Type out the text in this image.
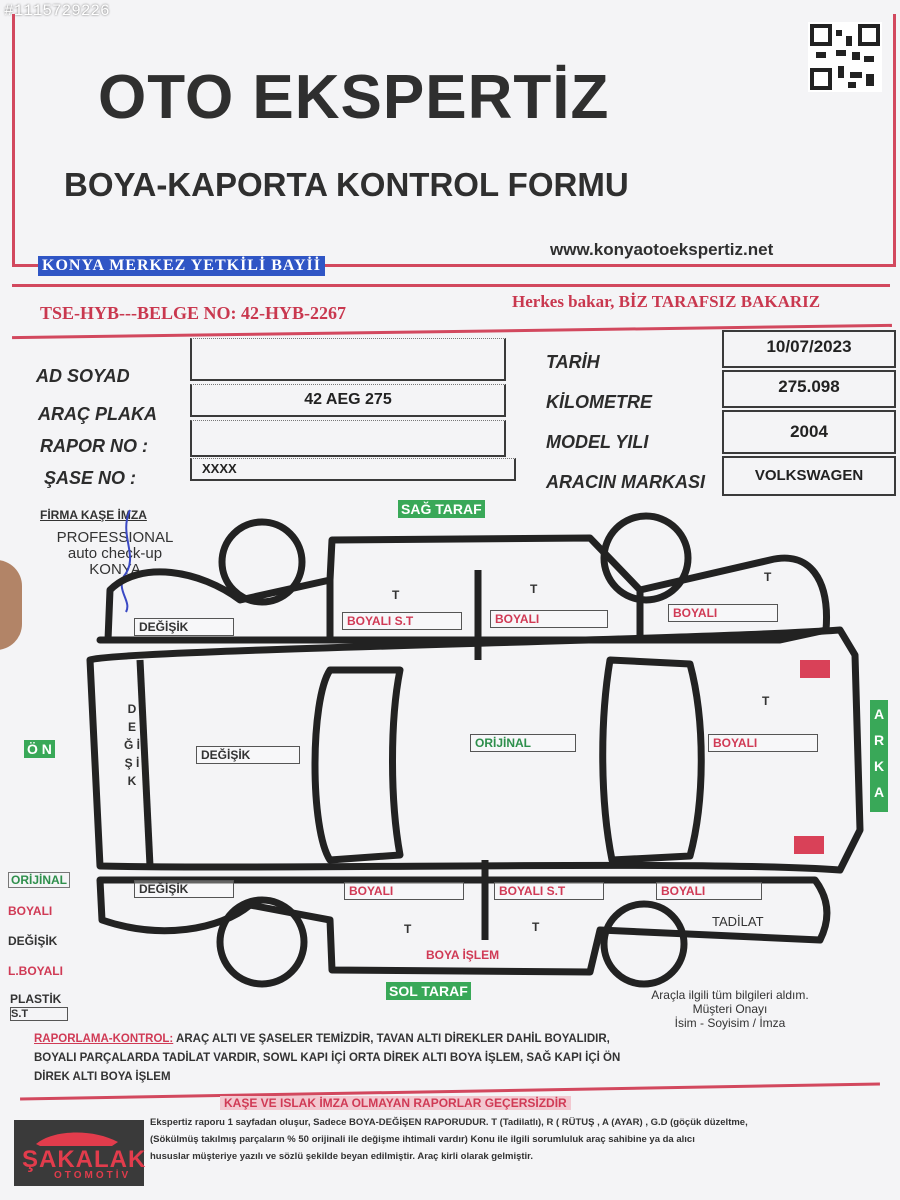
#1115729226
OTO EKSPERTİZ
BOYA-KAPORTA KONTROL FORMU
KONYA MERKEZ YETKİLİ BAYİİ
www.konyaotoekspertiz.net
TSE-HYB---BELGE NO: 42-HYB-2267
Herkes bakar, BİZ TARAFSIZ BAKARIZ
AD SOYAD
ARAÇ PLAKA
42 AEG 275
RAPOR NO :
ŞASE NO :	XXXX
TARİH
10/07/2023
KİLOMETRE
275.098
MODEL YILI
2004
ARACIN MARKASI	VOLKSWAGEN
FİRMA KAŞE İMZA
PROFESSIONAL
auto check-up
KONYA
SAĞ TARAF
SOL TARAF
Ö N
A R K A
DEĞİŞİK	BOYALI S.T	BOYALI	BOYALI
D E Ğ İ Ş İ K
DEĞİŞİK
ORİJİNAL	BOYALI
DEĞİŞİK	BOYALI	BOYALI S.T	BOYALI
TADİLAT
BOYA İŞLEM
T	T
T
T
T	T
ORİJİNAL
BOYALI
DEĞİŞİK
L.BOYALI
PLASTİK
S.T
Araçla ilgili tüm bilgileri aldım.
Müşteri Onayı
İsim - Soyisim / İmza
RAPORLAMA-KONTROL: ARAÇ ALTI VE ŞASELER TEMİZDİR, TAVAN ALTI DİREKLER DAHİL BOYALIDIR,
BOYALI PARÇALARDA TADİLAT VARDIR, SOWL KAPI İÇİ ORTA DİREK ALTI BOYA İŞLEM, SAĞ KAPI İÇİ ÖN
DİREK ALTI BOYA İŞLEM
KAŞE VE ISLAK İMZA OLMAYAN RAPORLAR GEÇERSİZDİR
Ekspertiz raporu 1 sayfadan oluşur, Sadece BOYA-DEĞİŞEN RAPORUDUR. T (Tadilatlı), R ( RÜTUŞ , A (AYAR) , G.D (göçük düzeltme,
(Sökülmüş takılmış parçaların % 50 orijinali ile değişme ihtimali vardır) Konu ile ilgili sorumluluk araç sahibine ya da alıcı
hususlar müşteriye yazılı ve sözlü şekilde beyan edilmiştir. Araç kirli olarak gelmiştir.
ŞAKALAK
OTOMOTİV
